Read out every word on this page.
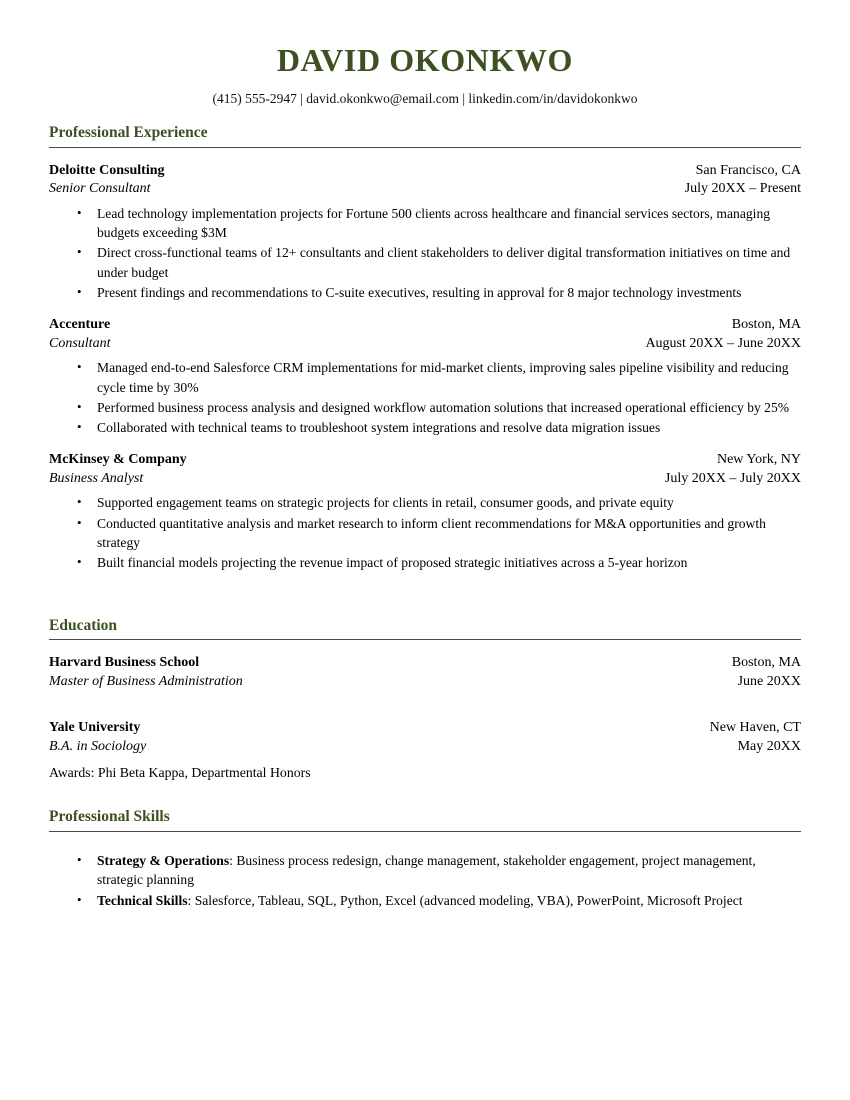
DAVID OKONKWO
(415) 555-2947 | david.okonkwo@email.com | linkedin.com/in/davidokonkwo
Professional Experience
Deloitte Consulting	San Francisco, CA
Senior Consultant	July 20XX – Present
• Lead technology implementation projects for Fortune 500 clients across healthcare and financial services sectors, managing budgets exceeding $3M
• Direct cross-functional teams of 12+ consultants and client stakeholders to deliver digital transformation initiatives on time and under budget
• Present findings and recommendations to C-suite executives, resulting in approval for 8 major technology investments
Accenture	Boston, MA
Consultant	August 20XX – June 20XX
• Managed end-to-end Salesforce CRM implementations for mid-market clients, improving sales pipeline visibility and reducing cycle time by 30%
• Performed business process analysis and designed workflow automation solutions that increased operational efficiency by 25%
• Collaborated with technical teams to troubleshoot system integrations and resolve data migration issues
McKinsey & Company	New York, NY
Business Analyst	July 20XX – July 20XX
• Supported engagement teams on strategic projects for clients in retail, consumer goods, and private equity
• Conducted quantitative analysis and market research to inform client recommendations for M&A opportunities and growth strategy
• Built financial models projecting the revenue impact of proposed strategic initiatives across a 5-year horizon
Education
Harvard Business School	Boston, MA
Master of Business Administration	June 20XX
Yale University	New Haven, CT
B.A. in Sociology	May 20XX
Awards: Phi Beta Kappa, Departmental Honors
Professional Skills
• Strategy & Operations: Business process redesign, change management, stakeholder engagement, project management, strategic planning
• Technical Skills: Salesforce, Tableau, SQL, Python, Excel (advanced modeling, VBA), PowerPoint, Microsoft Project
